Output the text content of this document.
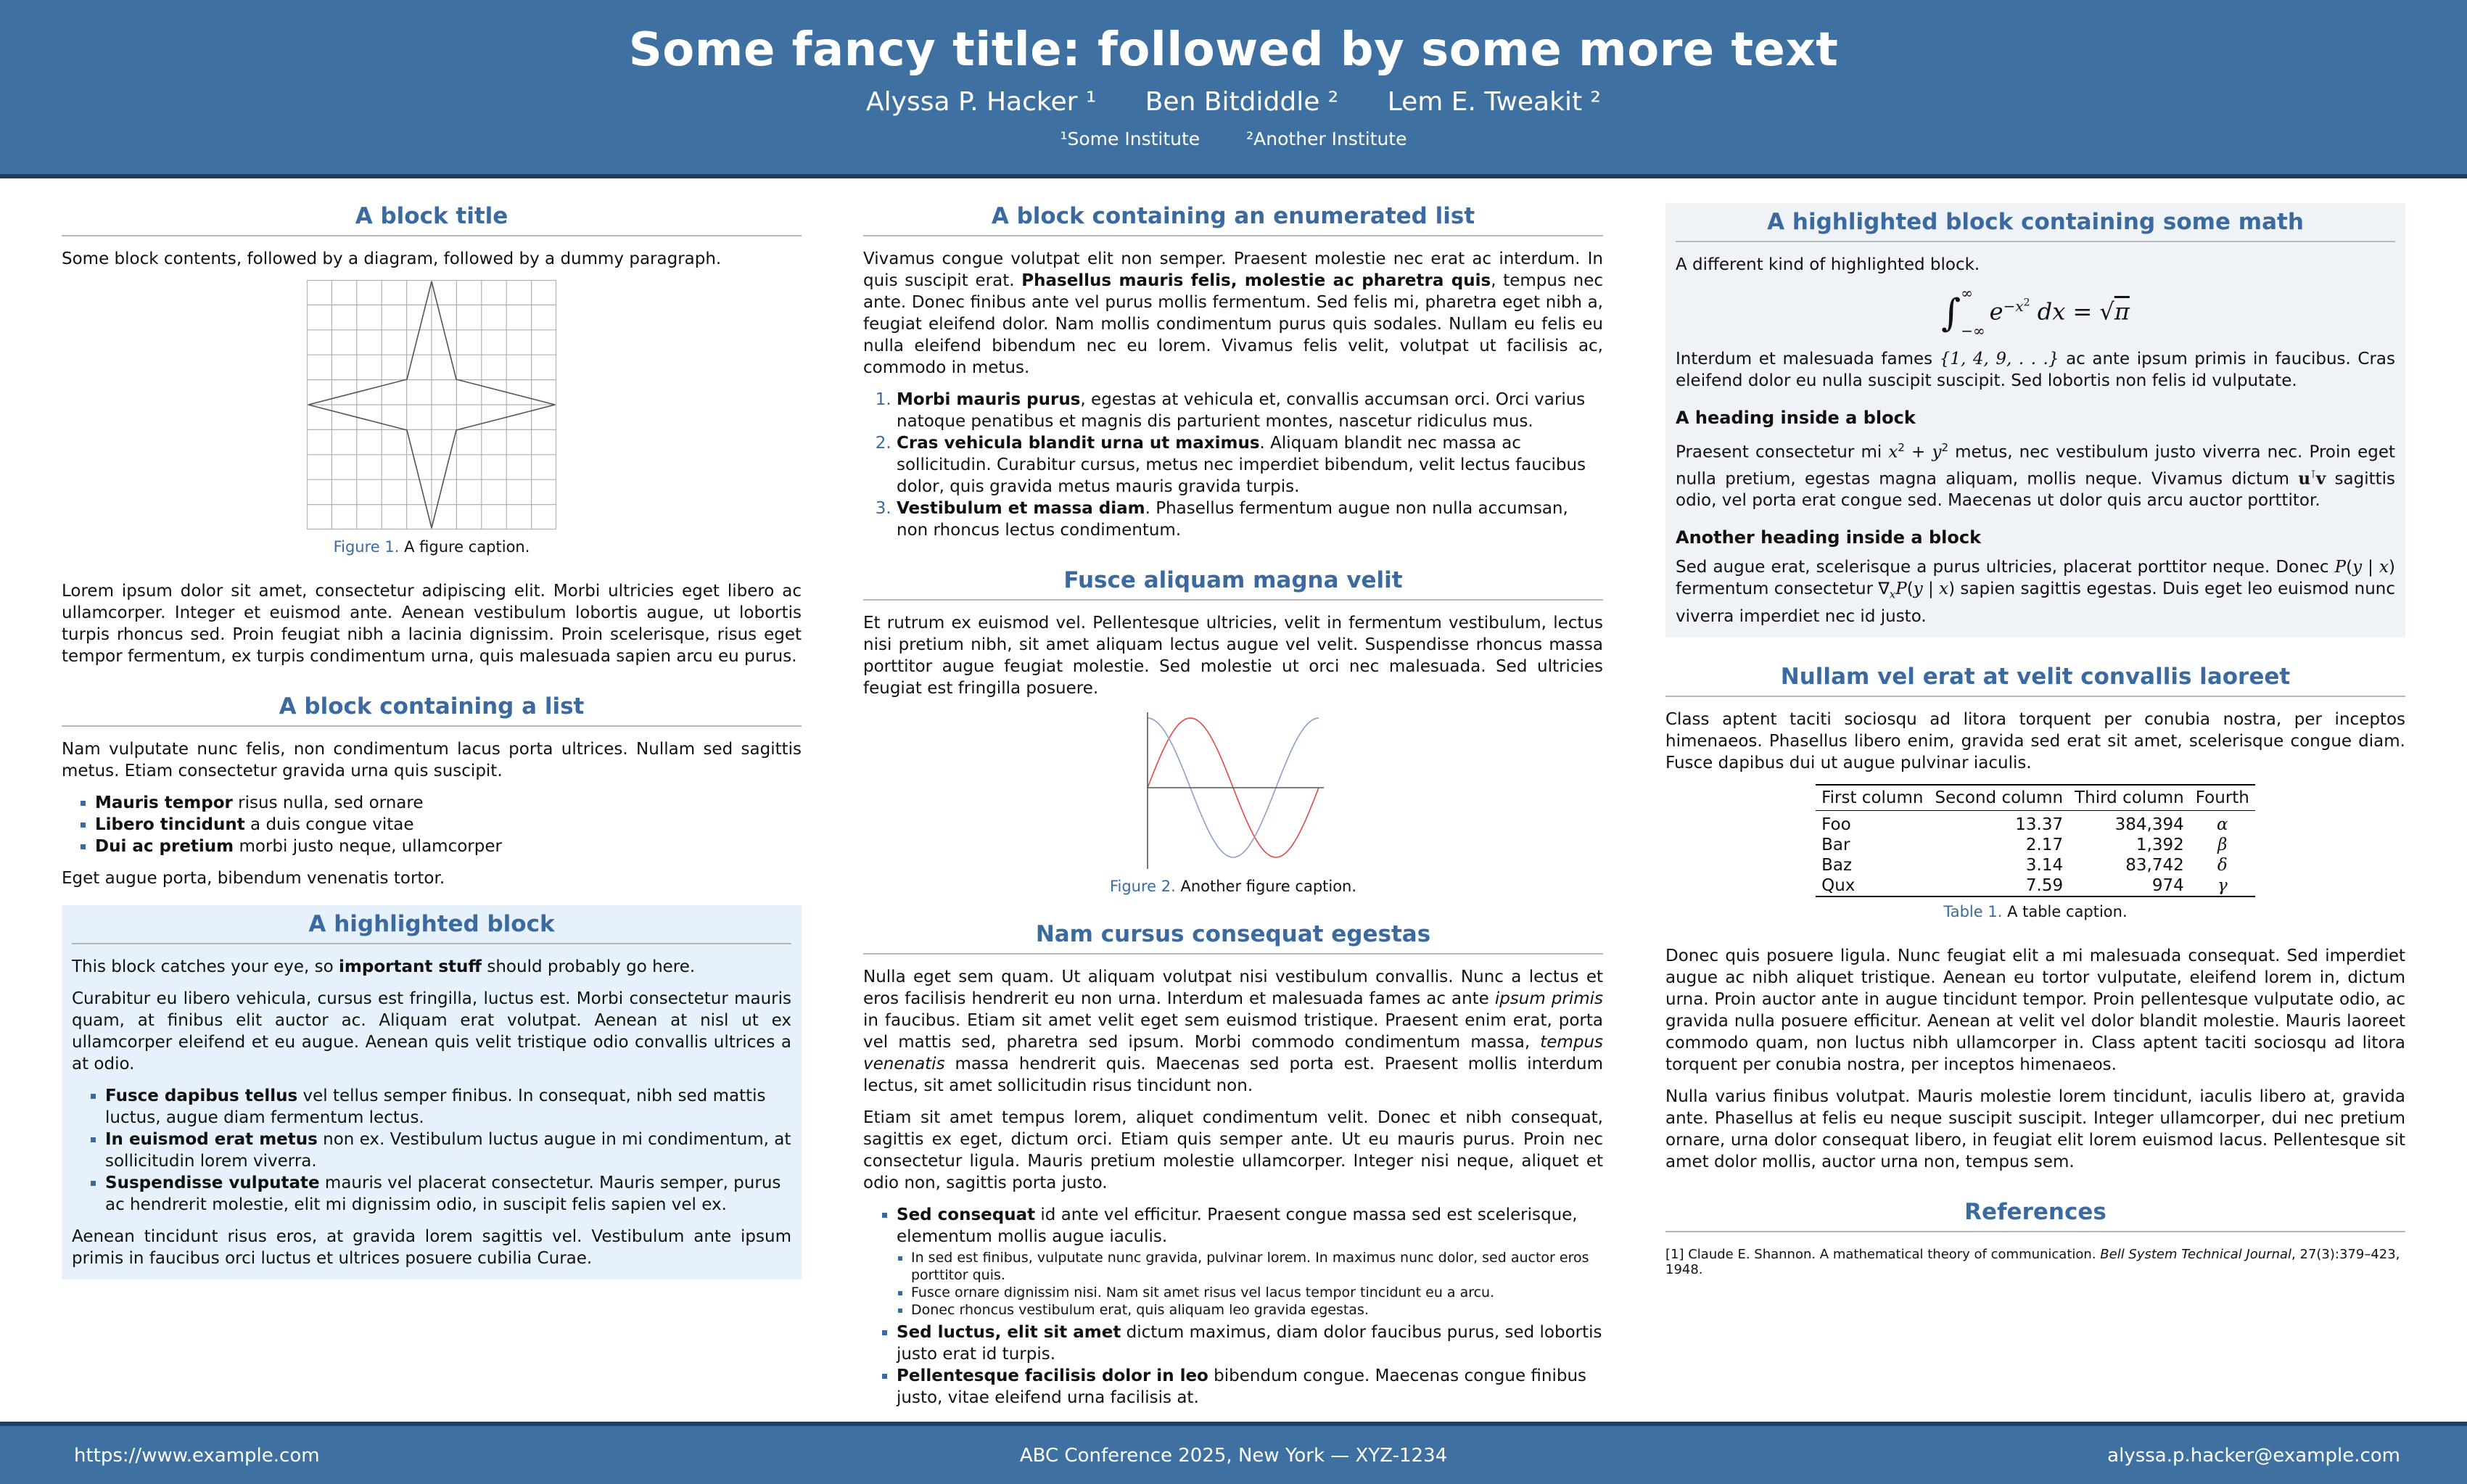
Some fancy title: followed by some more text
Alyssa P. Hacker ¹ Ben Bitdiddle ² Lem E. Tweakit ²
¹Some Institute	²Another Institute
A block title

Some block contents, followed by a diagram, followed by a dummy paragraph.

Figure 1. A figure caption.

Lorem ipsum dolor sit amet, consectetur adipiscing elit. Morbi ultricies eget libero ac ullamcorper. Integer et euismod ante. Aenean vestibulum lobortis augue, ut lobortis turpis rhoncus sed. Proin feugiat nibh a lacinia dignissim. Proin scelerisque, risus eget tempor fermentum, ex turpis condimentum urna, quis malesuada sapien arcu eu purus.

A block containing a list

Nam vulputate nunc felis, non condimentum lacus porta ultrices. Nullam sed sagittis metus. Etiam consectetur gravida urna quis suscipit.

▪ Mauris tempor risus nulla, sed ornare
▪ Libero tincidunt a duis congue vitae
▪ Dui ac pretium morbi justo neque, ullamcorper

Eget augue porta, bibendum venenatis tortor.

A highlighted block

This block catches your eye, so important stuff should probably go here.

Curabitur eu libero vehicula, cursus est fringilla, luctus est. Morbi consectetur mauris quam, at finibus elit auctor ac. Aliquam erat volutpat. Aenean at nisl ut ex ullamcorper eleifend et eu augue. Aenean quis velit tristique odio convallis ultrices a at odio.

▪ Fusce dapibus tellus vel tellus semper finibus. In consequat, nibh sed mattis luctus, augue diam fermentum lectus.
▪ In euismod erat metus non ex. Vestibulum luctus augue in mi condimentum, at sollicitudin lorem viverra.
▪ Suspendisse vulputate mauris vel placerat consectetur. Mauris semper, purus ac hendrerit molestie, elit mi dignissim odio, in suscipit felis sapien vel ex.

Aenean tincidunt risus eros, at gravida lorem sagittis vel. Vestibulum ante ipsum primis in faucibus orci luctus et ultrices posuere cubilia Curae.

A block containing an enumerated list

Vivamus congue volutpat elit non semper. Praesent molestie nec erat ac interdum. In quis suscipit erat. Phasellus mauris felis, molestie ac pharetra quis, tempus nec ante. Donec finibus ante vel purus mollis fermentum. Sed felis mi, pharetra eget nibh a, feugiat eleifend dolor. Nam mollis condimentum purus quis sodales. Nullam eu felis eu nulla eleifend bibendum nec eu lorem. Vivamus felis velit, volutpat ut facilisis ac, commodo in metus.

1. Morbi mauris purus, egestas at vehicula et, convallis accumsan orci. Orci varius natoque penatibus et magnis dis parturient montes, nascetur ridiculus mus.
2. Cras vehicula blandit urna ut maximus. Aliquam blandit nec massa ac sollicitudin. Curabitur cursus, metus nec imperdiet bibendum, velit lectus faucibus dolor, quis gravida metus mauris gravida turpis.
3. Vestibulum et massa diam. Phasellus fermentum augue non nulla accumsan, non rhoncus lectus condimentum.
Fusce aliquam magna velit

Et rutrum ex euismod vel. Pellentesque ultricies, velit in fermentum vestibulum, lectus nisi pretium nibh, sit amet aliquam lectus augue vel velit. Suspendisse rhoncus massa porttitor augue feugiat molestie. Sed molestie ut orci nec malesuada. Sed ultricies feugiat est fringilla posuere.

Figure 2. Another figure caption.
Nam cursus consequat egestas

Nulla eget sem quam. Ut aliquam volutpat nisi vestibulum convallis. Nunc a lectus et eros facilisis hendrerit eu non urna. Interdum et malesuada fames ac ante ipsum primis in faucibus. Etiam sit amet velit eget sem euismod tristique. Praesent enim erat, porta vel mattis sed, pharetra sed ipsum. Morbi commodo condimentum massa, tempus venenatis massa hendrerit quis. Maecenas sed porta est. Praesent mollis interdum lectus, sit amet sollicitudin risus tincidunt non.

Etiam sit amet tempus lorem, aliquet condimentum velit. Donec et nibh consequat, sagittis ex eget, dictum orci. Etiam quis semper ante. Ut eu mauris purus. Proin nec consectetur ligula. Mauris pretium molestie ullamcorper. Integer nisi neque, aliquet et odio non, sagittis porta justo.

▪ Sed consequat id ante vel efficitur. Praesent congue massa sed est scelerisque, elementum mollis augue iaculis.
▪ In sed est finibus, vulputate nunc gravida, pulvinar lorem. In maximus nunc dolor, sed auctor eros porttitor quis.
▪ Fusce ornare dignissim nisi. Nam sit amet risus vel lacus tempor tincidunt eu a arcu.
▪ Donec rhoncus vestibulum erat, quis aliquam leo gravida egestas.
▪ Sed luctus, elit sit amet dictum maximus, diam dolor faucibus purus, sed lobortis justo erat id turpis.
▪ Pellentesque facilisis dolor in leo bibendum congue. Maecenas congue finibus justo, vitae eleifend urna facilisis at.
A highlighted block containing some math

A different kind of highlighted block.

∫∞
$-\infty e^{-x^2}$ dx = √π

Interdum et malesuada fames {1, 4, 9, . . .} ac ante ipsum primis in faucibus. Cras eleifend dolor eu nulla suscipit suscipit. Sed lobortis non felis id vulputate.

A heading inside a block

Praesent consectetur mi $x^2 + y^2$ metus, nec vestibulum justo viverra nec. Proin eget nulla pretium, egestas magna aliquam, mollis neque. Vivamus dictum u⊺v sagittis odio, vel porta erat congue sed. Maecenas ut dolor quis arcu auctor porttitor.

Another heading inside a block

Sed augue erat, scelerisque a purus ultricies, placerat porttitor neque. Donec P(y | x) fermentum consectetur $\nabla_xP(y$ | x) sapien sagittis egestas. Duis eget leo euismod nunc viverra imperdiet nec id justo.

Nullam vel erat at velit convallis laoreet

Class aptent taciti sociosqu ad litora torquent per conubia nostra, per inceptos himenaeos. Phasellus libero enim, gravida sed erat sit amet, scelerisque congue diam. Fusce dapibus dui ut augue pulvinar iaculis.

First column	Second column	Third column	Fourth
Foo	13.37	384,394	α
Bar	2.17	1,392	β
Baz	3.14	83,742	δ
Qux	7.59	974	γ
Table 1. A table caption.

Donec quis posuere ligula. Nunc feugiat elit a mi malesuada consequat. Sed imperdiet augue ac nibh aliquet tristique. Aenean eu tortor vulputate, eleifend lorem in, dictum urna. Proin auctor ante in augue tincidunt tempor. Proin pellentesque vulputate odio, ac gravida nulla posuere efficitur. Aenean at velit vel dolor blandit molestie. Mauris laoreet commodo quam, non luctus nibh ullamcorper in. Class aptent taciti sociosqu ad litora torquent per conubia nostra, per inceptos himenaeos.

Nulla varius finibus volutpat. Mauris molestie lorem tincidunt, iaculis libero at, gravida ante. Phasellus at felis eu neque suscipit suscipit. Integer ullamcorper, dui nec pretium ornare, urna dolor consequat libero, in feugiat elit lorem euismod lacus. Pellentesque sit amet dolor mollis, auctor urna non, tempus sem.

References
[1] Claude E. Shannon. A mathematical theory of communication. Bell System Technical Journal, 27(3):379–423, 1948.
https://www.example.com	ABC Conference 2025, New York — XYZ-1234	alyssa.p.hacker@example.com
